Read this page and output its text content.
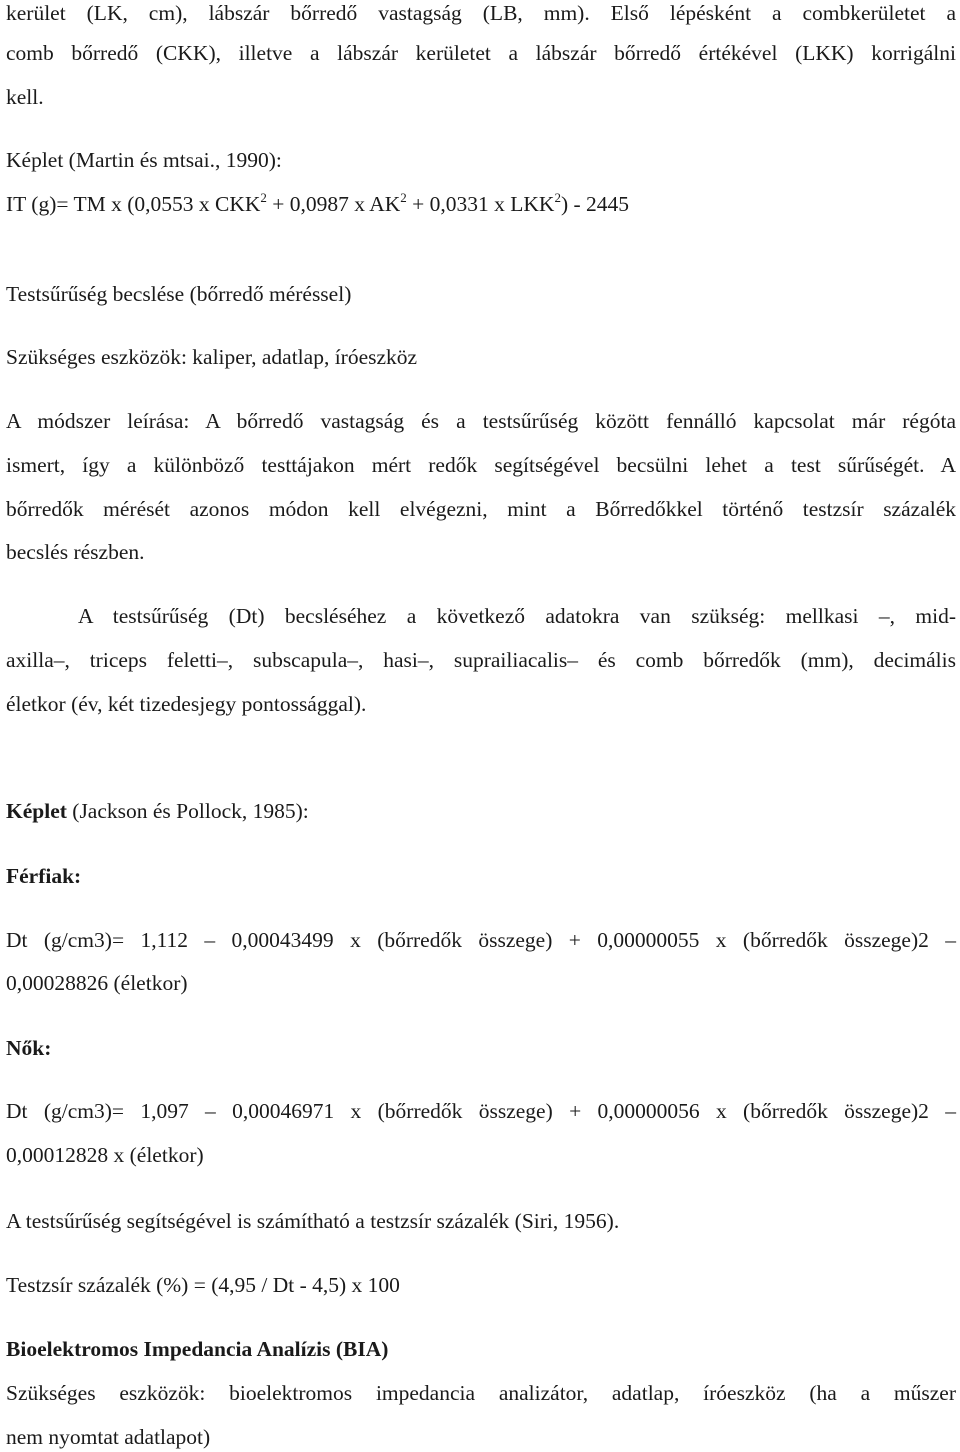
kerület (LK, cm), lábszár bőrredő vastagság (LB, mm). Első lépésként a combkerületet a
comb bőrredő (CKK), illetve a lábszár kerületet a lábszár bőrredő értékével (LKK) korrigálni
kell.
Képlet (Martin és mtsai., 1990):
IT (g)= TM x (0,0553 x $CKK^2 + 0,0987$ x $AK^2 + 0,0331$ x LKK$^2$) - 2445
Testsűrűség becslése (bőrredő méréssel)
Szükséges eszközök: kaliper, adatlap, íróeszköz
A módszer leírása: A bőrredő vastagság és a testsűrűség között fennálló kapcsolat már régóta
ismert, így a különböző testtájakon mért redők segítségével becsülni lehet a test sűrűségét. A
bőrredők mérését azonos módon kell elvégezni, mint a Bőrredőkkel történő testzsír százalék
becslés részben.
A testsűrűség (Dt) becsléséhez a következő adatokra van szükség: mellkasi –, mid-
axilla–, triceps feletti–, subscapula–, hasi–, suprailiacalis– és comb bőrredők (mm), decimális
életkor (év, két tizedesjegy pontossággal).
Képlet (Jackson és Pollock, 1985):
Férfiak:
Dt (g/cm3)= 1,112 – 0,00043499 x (bőrredők összege) + 0,00000055 x (bőrredők összege)2 –
0,00028826 (életkor)
Nők:
Dt (g/cm3)= 1,097 – 0,00046971 x (bőrredők összege) + 0,00000056 x (bőrredők összege)2 –
0,00012828 x (életkor)
A testsűrűség segítségével is számítható a testzsír százalék (Siri, 1956).
Testzsír százalék (%) = (4,95 / Dt - 4,5) x 100
Bioelektromos Impedancia Analízis (BIA)
Szükséges eszközök: bioelektromos impedancia analizátor, adatlap, íróeszköz (ha a műszer
nem nyomtat adatlapot)
